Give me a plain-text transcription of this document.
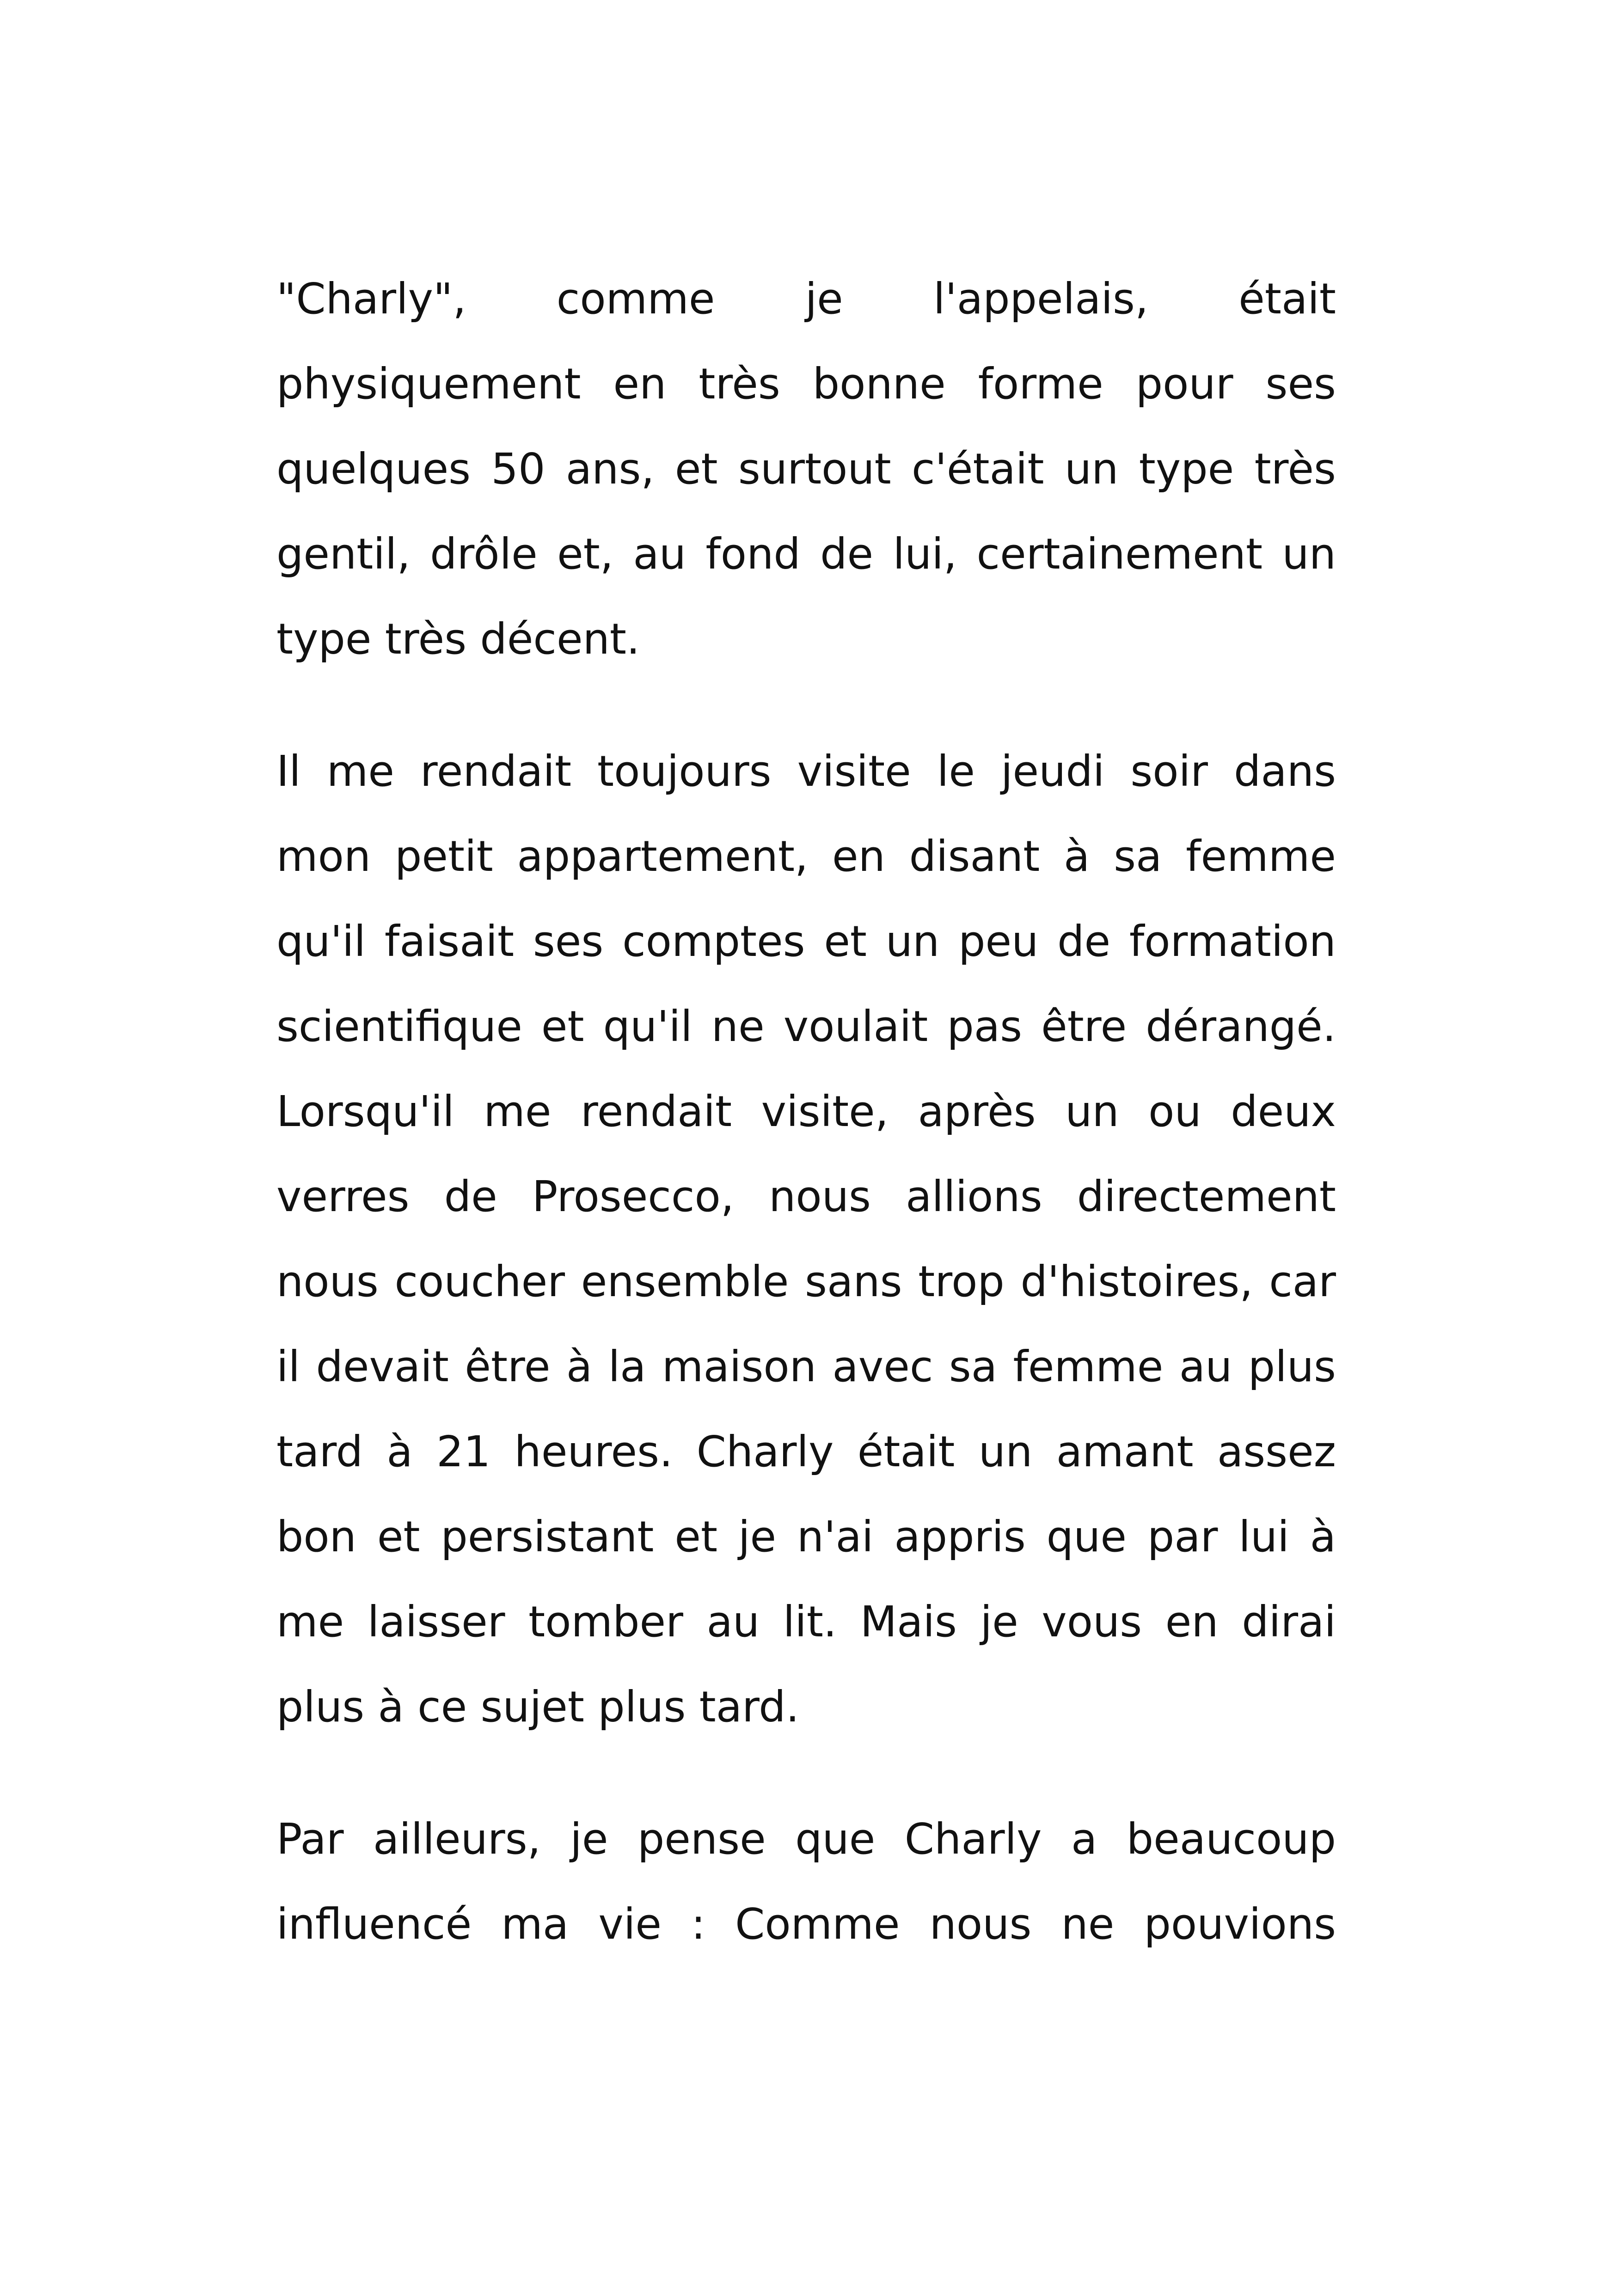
"Charly", comme je l'appelais, était physiquement en très bonne forme pour ses quelques 50 ans, et surtout c'était un type très gentil, drôle et, au fond de lui, certainement un type très décent.

Il me rendait toujours visite le jeudi soir dans mon petit appartement, en disant à sa femme qu'il faisait ses comptes et un peu de formation scientifique et qu'il ne voulait pas être dérangé. Lorsqu'il me rendait visite, après un ou deux verres de Prosecco, nous allions directement nous coucher ensemble sans trop d'histoires, car il devait être à la maison avec sa femme au plus tard à 21 heures. Charly était un amant assez bon et persistant et je n'ai appris que par lui à me laisser tomber au lit. Mais je vous en dirai plus à ce sujet plus tard.

Par ailleurs, je pense que Charly a beaucoup influencé ma vie : Comme nous ne pouvions
